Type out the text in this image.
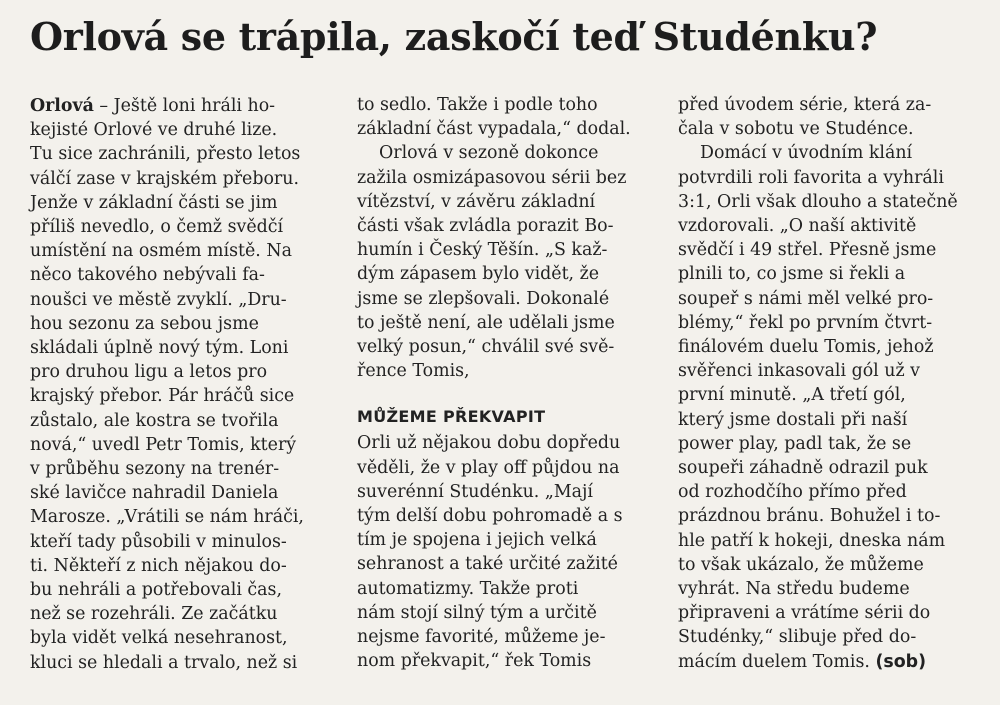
Orlová se trápila, zaskočí teď Studénku?

Orlová – Ještě loni hráli ho-
kejisté Orlové ve druhé lize.
Tu sice zachránili, přesto letos
válčí zase v krajském přeboru.
Jenže v základní části se jim
příliš nevedlo, o čemž svědčí
umístění na osmém místě. Na
něco takového nebývali fa-
noušci ve městě zvyklí. „Dru-
hou sezonu za sebou jsme
skládali úplně nový tým. Loni
pro druhou ligu a letos pro
krajský přebor. Pár hráčů sice
zůstalo, ale kostra se tvořila
nová,“ uvedl Petr Tomis, který
v průběhu sezony na trenér-
ské lavičce nahradil Daniela
Marosze. „Vrátili se nám hráči,
kteří tady působili v minulos-
ti. Někteří z nich nějakou do-
bu nehráli a potřebovali čas,
než se rozehráli. Ze začátku
byla vidět velká nesehranost,
kluci se hledali a trvalo, než si

to sedlo. Takže i podle toho
základní část vypadala,“ dodal.

Orlová v sezoně dokonce
zažila osmizápasovou sérii bez
vítězství, v závěru základní
části však zvládla porazit Bo-
humín i Český Těšín. „S kaž-
dým zápasem bylo vidět, že
jsme se zlepšovali. Dokonalé
to ještě není, ale udělali jsme
velký posun,“ chválil své svě-
řence Tomis,

MŮŽEME PŘEKVAPIT

Orli už nějakou dobu dopředu
věděli, že v play off půjdou na
suverénní Studénku. „Mají
tým delší dobu pohromadě a s
tím je spojena i jejich velká
sehranost a také určité zažité
automatizmy. Takže proti
nám stojí silný tým a určitě
nejsme favorité, můžeme je-
nom překvapit,“ řek Tomis

před úvodem série, která za-
čala v sobotu ve Studénce.

Domácí v úvodním klání
potvrdili roli favorita a vyhráli
3:1, Orli však dlouho a statečně
vzdorovali. „O naší aktivitě
svědčí i 49 střel. Přesně jsme
plnili to, co jsme si řekli a
soupeř s námi měl velké pro-
blémy,“ řekl po prvním čtvrt-
finálovém duelu Tomis, jehož
svěřenci inkasovali gól už v
první minutě. „A třetí gól,
který jsme dostali při naší
power play, padl tak, že se
soupeři záhadně odrazil puk
od rozhodčího přímo před
prázdnou bránu. Bohužel i to-
hle patří k hokeji, dneska nám
to však ukázalo, že můžeme
vyhrát. Na středu budeme
připraveni a vrátíme sérii do
Studénky,“ slibuje před do-
mácím duelem Tomis. (sob)
